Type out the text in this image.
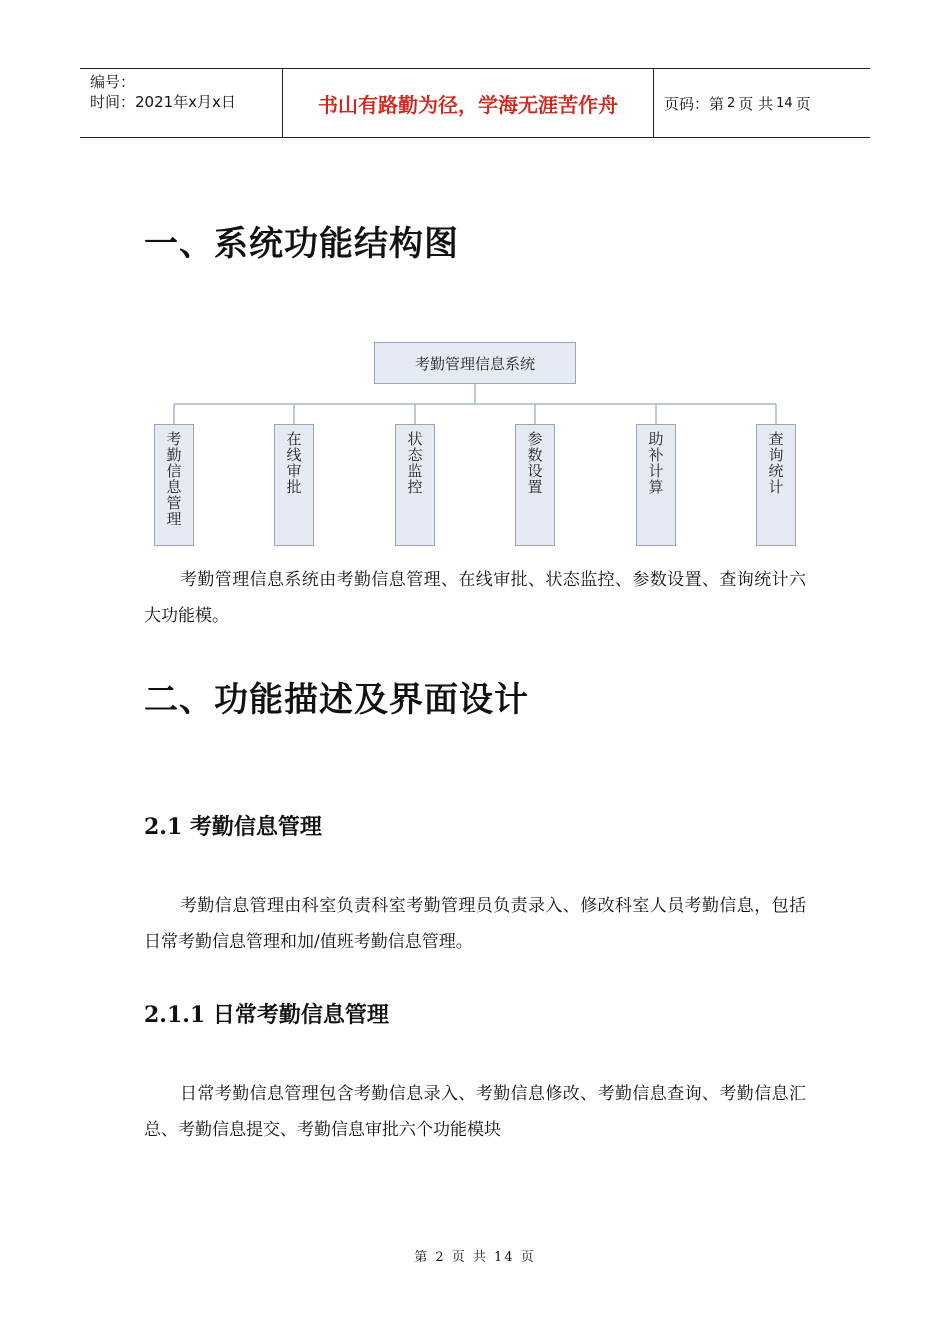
编号：
时间：2021年x月x日	书山有路勤为径，学海无涯苦作舟	页码：第 2 页 共 14 页
一、系统功能结构图
考勤管理信息系统
考勤信息管理	在线审批	状态监控	参数设置	助补计算	查询统计

考勤管理信息系统由考勤信息管理、在线审批、状态监控、参数设置、查询统计六大功能模。

二、功能描述及界面设计
2.1 考勤信息管理

考勤信息管理由科室负责科室考勤管理员负责录入、修改科室人员考勤信息，包括日常考勤信息管理和加/值班考勤信息管理。

2.1.1 日常考勤信息管理

日常考勤信息管理包含考勤信息录入、考勤信息修改、考勤信息查询、考勤信息汇总、考勤信息提交、考勤信息审批六个功能模块

第 2 页 共 14 页
